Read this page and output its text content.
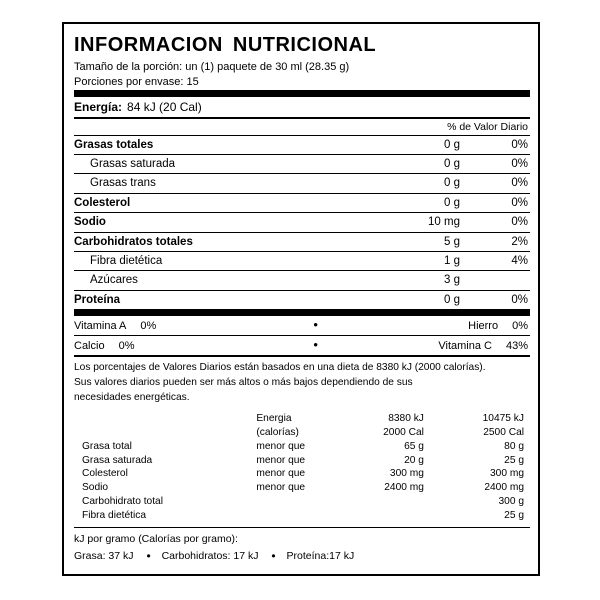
INFORMACION NUTRICIONAL
Tamaño de la porción: un (1) paquete de 30 ml (28.35 g)
Porciones por envase: 15
Energía: 84 kJ (20 Cal)
% de Valor Diario
Grasas totales	0 g	0%
Grasas saturada	0 g	0%
Grasas trans	0 g	0%
Colesterol	0 g	0%
Sodio	10 mg	0%
Carbohidratos totales	5 g	2%
Fibra dietética	1 g	4%
Azúcares	3 g
Proteína	0 g	0%
Vitamina A 0%	•	Hierro 0%
Calcio 0%	•	Vitamina C 43%
Los porcentajes de Valores Diarios están basados en una dieta de 8380 kJ (2000 calorías).
Sus valores diarios pueden ser más altos o más bajos dependiendo de sus
necesidades energéticas.
	Energia	8380 kJ	10475 kJ
	(calorías)	2000 Cal	2500 Cal
Grasa total	menor que	65 g	80 g
Grasa saturada	menor que	20 g	25 g
Colesterol	menor que	300 mg	300 mg
Sodio	menor que	2400 mg	2400 mg
Carbohidrato total			300 g
Fibra dietética			25 g
kJ por gramo (Calorías por gramo):
Grasa: 37 kJ • Carbohidratos: 17 kJ • Proteína:17 kJ
